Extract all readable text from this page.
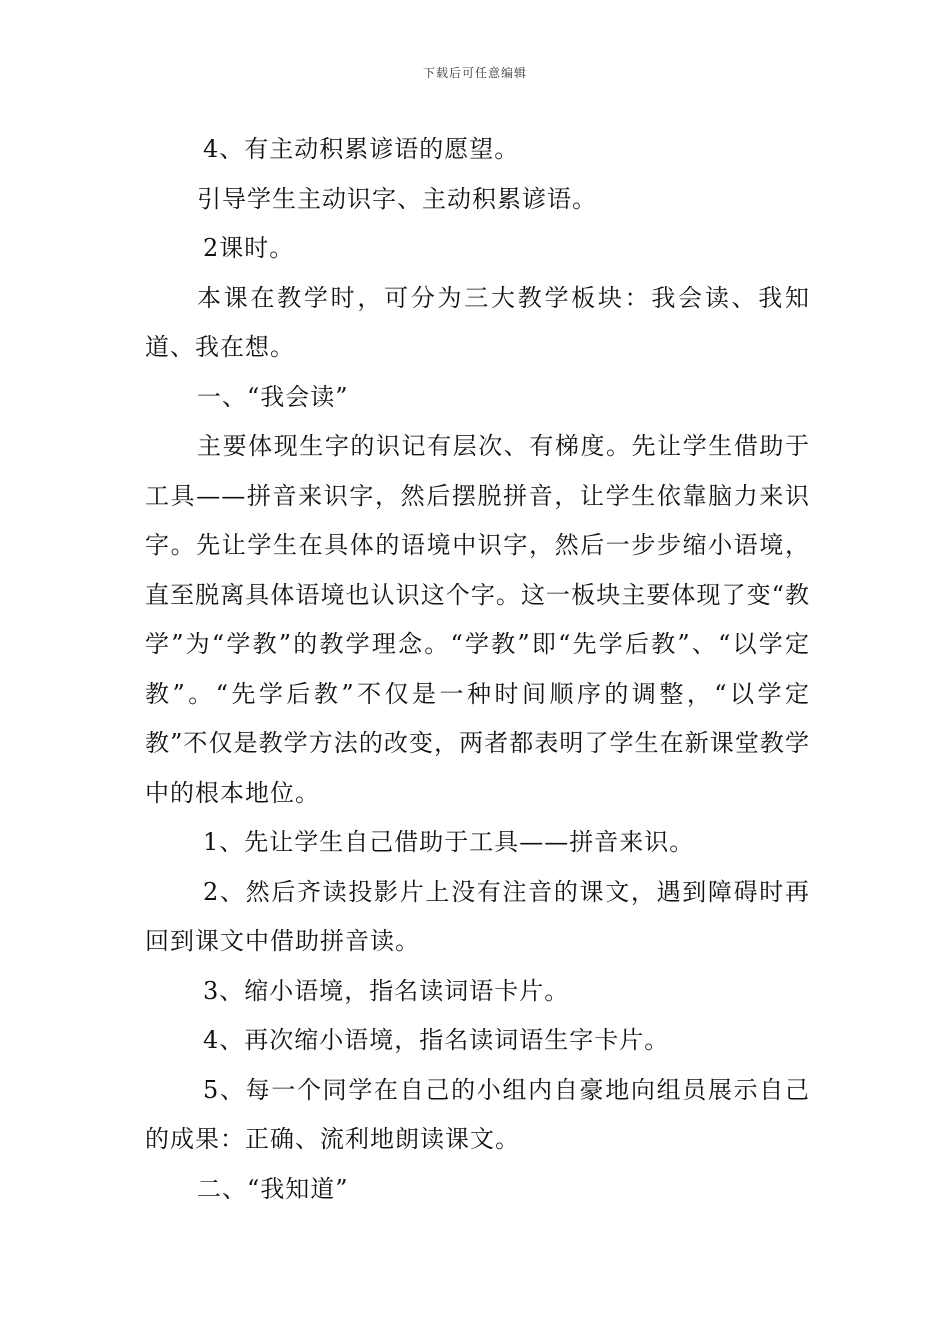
下载后可任意编辑

4、有主动积累谚语的愿望。

引导学生主动识字、主动积累谚语。

2课时。

本课在教学时，可分为三大教学板块：我会读、我知道、我在想。

一、“我会读”

主要体现生字的识记有层次、有梯度。先让学生借助于工具——拼音来识字，然后摆脱拼音，让学生依靠脑力来识字。先让学生在具体的语境中识字，然后一步步缩小语境，直至脱离具体语境也认识这个字。这一板块主要体现了变“教学”为“学教”的教学理念。“学教”即“先学后教”、“以学定教”。“先学后教”不仅是一种时间顺序的调整，“以学定教”不仅是教学方法的改变，两者都表明了学生在新课堂教学中的根本地位。

1、先让学生自己借助于工具——拼音来识。

2、然后齐读投影片上没有注音的课文，遇到障碍时再回到课文中借助拼音读。

3、缩小语境，指名读词语卡片。

4、再次缩小语境，指名读词语生字卡片。

5、每一个同学在自己的小组内自豪地向组员展示自己的成果：正确、流利地朗读课文。

二、“我知道”
